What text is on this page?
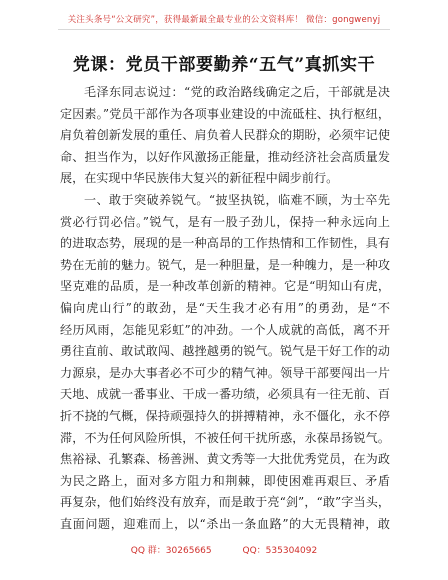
关注头条号“公文研究”，获得最新最全最专业的公文资料库！ 微信：gongwenyj
党课：党员干部要勤养“五气”真抓实干
毛泽东同志说过：“党的政治路线确定之后，干部就是决
定因素。”党员干部作为各项事业建设的中流砥柱、执行枢纽，
肩负着创新发展的重任、肩负着人民群众的期盼，必须牢记使
命、担当作为，以好作风激扬正能量，推动经济社会高质量发
展，在实现中华民族伟大复兴的新征程中阔步前行。
一、敢于突破养锐气。“披坚执锐，临难不顾，为士卒先
赏必行罚必信。”锐气，是有一股子劲儿，保持一种永远向上
的进取态势，展现的是一种高昂的工作热情和工作韧性，具有
势在无前的魅力。锐气，是一种胆量，是一种魄力，是一种攻
坚克难的品质，是一种改革创新的精神。它是“明知山有虎，
偏向虎山行”的敢劲，是“天生我才必有用”的勇劲，是“不
经历风雨，怎能见彩虹”的冲劲。一个人成就的高低，离不开
勇往直前、敢试敢闯、越挫越勇的锐气。锐气是干好工作的动
力源泉，是办大事者必不可少的精气神。领导干部要闯出一片
天地、成就一番事业、干成一番功绩，必须具有一往无前、百
折不挠的气概，保持顽强持久的拼搏精神，永不僵化，永不停
滞，不为任何风险所惧，不被任何干扰所惑，永葆昂扬锐气。
焦裕禄、孔繁森、杨善洲、黄文秀等一大批优秀党员，在为政
为民之路上，面对多方阻力和荆棘，即使困难再艰巨、矛盾
再复杂，他们始终没有放弃，而是敢于亮“剑”，“敢”字当头，
直面问题，迎难而上，以“杀出一条血路”的大无畏精神，敢
QQ 群：30265665	QQ：535304092
